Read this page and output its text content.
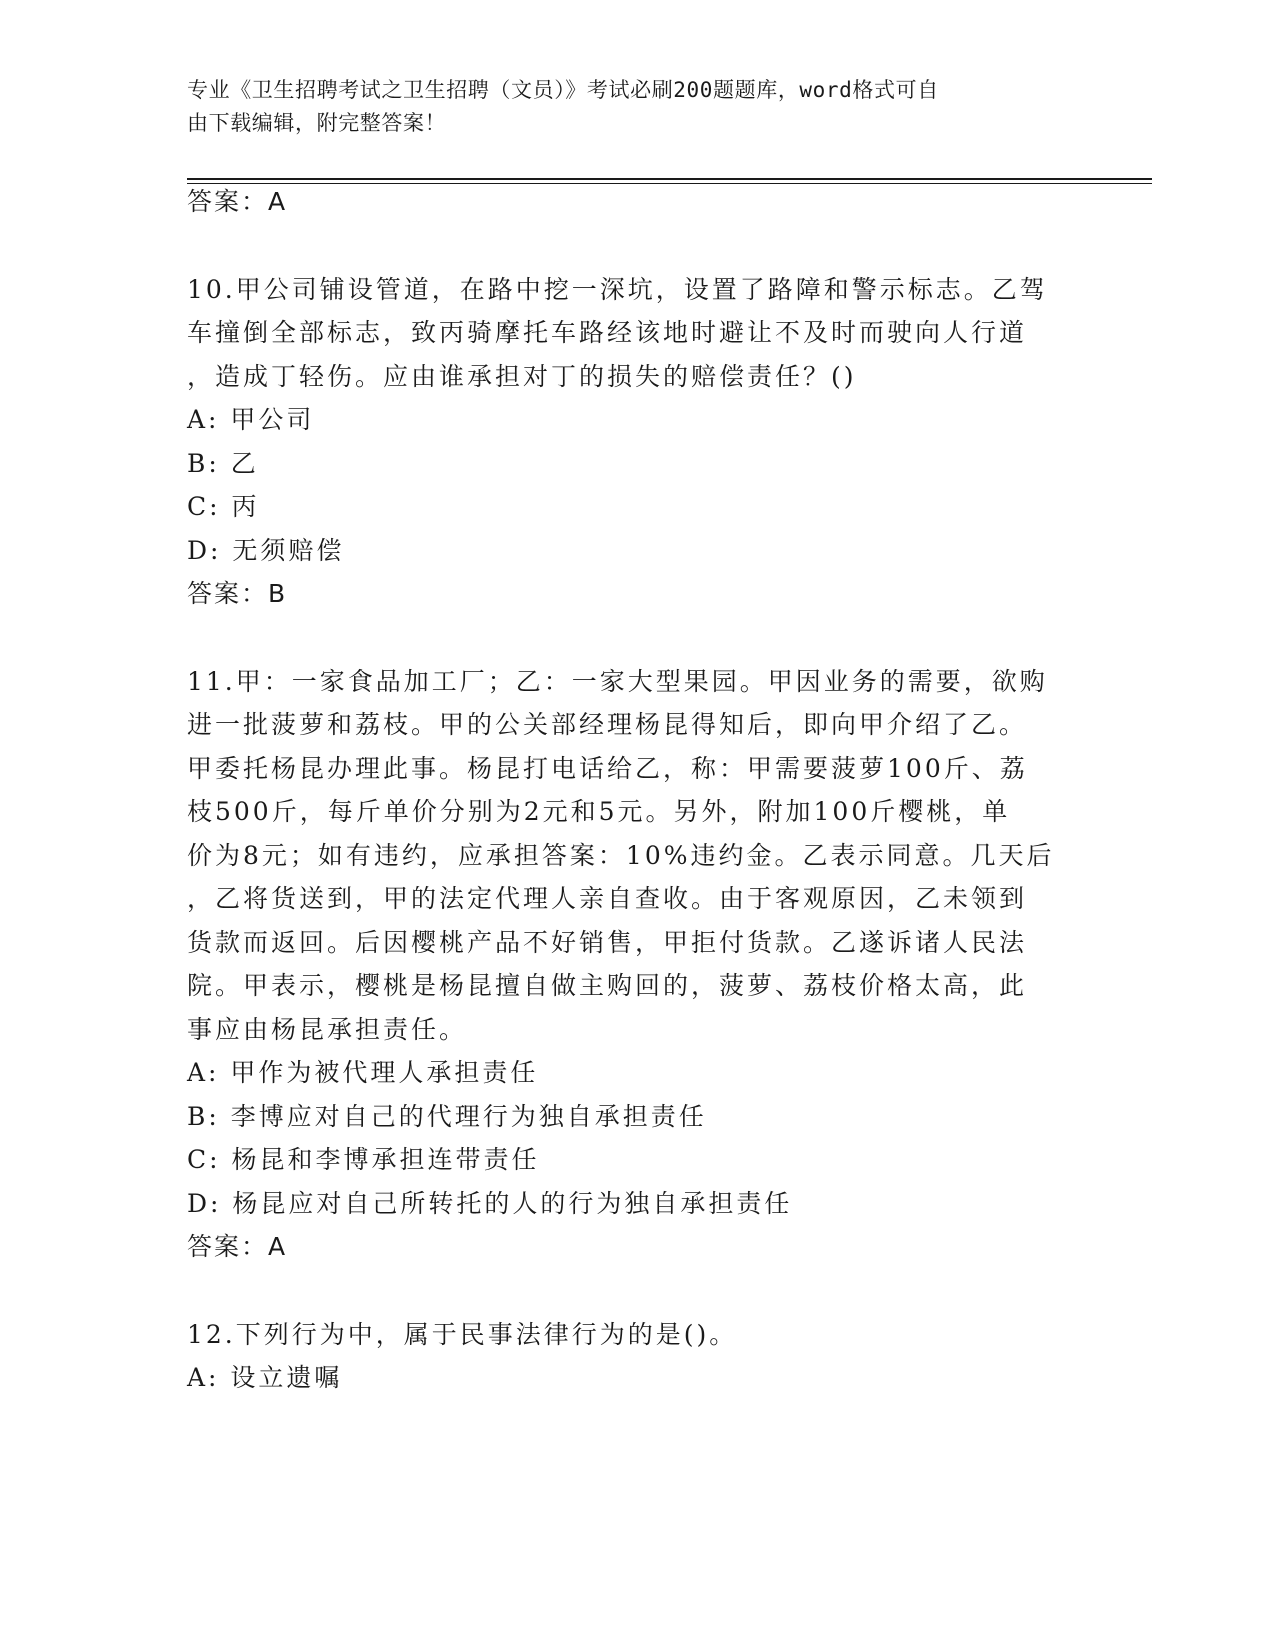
专业《卫生招聘考试之卫生招聘（文员）》考试必刷200题题库，word格式可自
由下载编辑，附完整答案！
答案：A
10.甲公司铺设管道，在路中挖一深坑，设置了路障和警示标志。乙驾
车撞倒全部标志，致丙骑摩托车路经该地时避让不及时而驶向人行道
，造成丁轻伤。应由谁承担对丁的损失的赔偿责任？()
A: 甲公司
B: 乙
C: 丙
D: 无须赔偿
答案：B
11.甲：一家食品加工厂；乙：一家大型果园。甲因业务的需要，欲购
进一批菠萝和荔枝。甲的公关部经理杨昆得知后，即向甲介绍了乙。
甲委托杨昆办理此事。杨昆打电话给乙，称：甲需要菠萝100斤、荔
枝500斤，每斤单价分别为2元和5元。另外，附加100斤樱桃，单
价为8元；如有违约，应承担答案：10%违约金。乙表示同意。几天后
，乙将货送到，甲的法定代理人亲自查收。由于客观原因，乙未领到
货款而返回。后因樱桃产品不好销售，甲拒付货款。乙遂诉诸人民法
院。甲表示，樱桃是杨昆擅自做主购回的，菠萝、荔枝价格太高，此
事应由杨昆承担责任。
A: 甲作为被代理人承担责任
B: 李博应对自己的代理行为独自承担责任
C: 杨昆和李博承担连带责任
D: 杨昆应对自己所转托的人的行为独自承担责任
答案：A
12.下列行为中，属于民事法律行为的是()。
A: 设立遗嘱
